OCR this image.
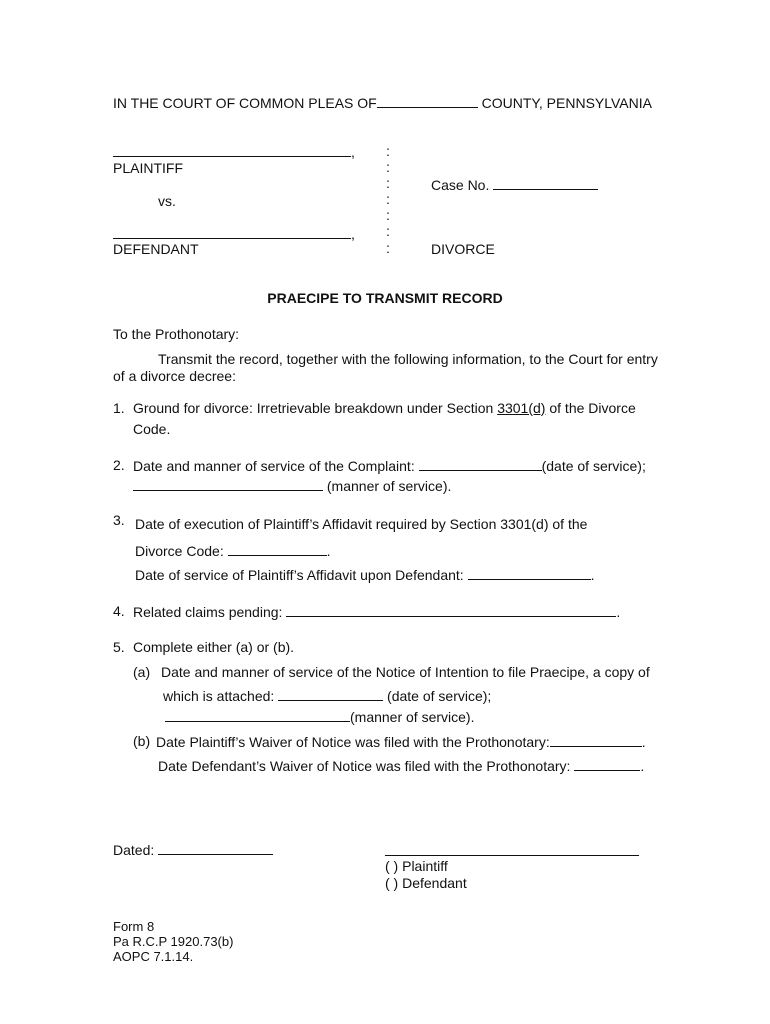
IN THE COURT OF COMMON PLEAS OF	COUNTY, PENNSYLVANIA
,
PLAINTIFF
vs.
,
DEFENDANT
:
:
:
:
:
:
:
Case No.
DIVORCE
PRAECIPE TO TRANSMIT RECORD
To the Prothonotary:
Transmit the record, together with the following information, to the Court for entry
of a divorce decree:
1. Ground for divorce: Irretrievable breakdown under Section 3301(d) of the Divorce
Code.
2. Date and manner of service of the Complaint:	(date of service);
(manner of service).
3. Date of execution of Plaintiff’s Affidavit required by Section 3301(d) of the
Divorce Code:	.
Date of service of Plaintiff’s Affidavit upon Defendant:	.
4. Related claims pending:	.
5. Complete either (a) or (b).
(a) Date and manner of service of the Notice of Intention to file Praecipe, a copy of
which is attached:	(date of service);
(manner of service).
(b) Date Plaintiff’s Waiver of Notice was filed with the Prothonotary:	.
Date Defendant’s Waiver of Notice was filed with the Prothonotary:	.
Dated:
( ) Plaintiff
( ) Defendant
Form 8
Pa R.C.P 1920.73(b)
AOPC 7.1.14.
